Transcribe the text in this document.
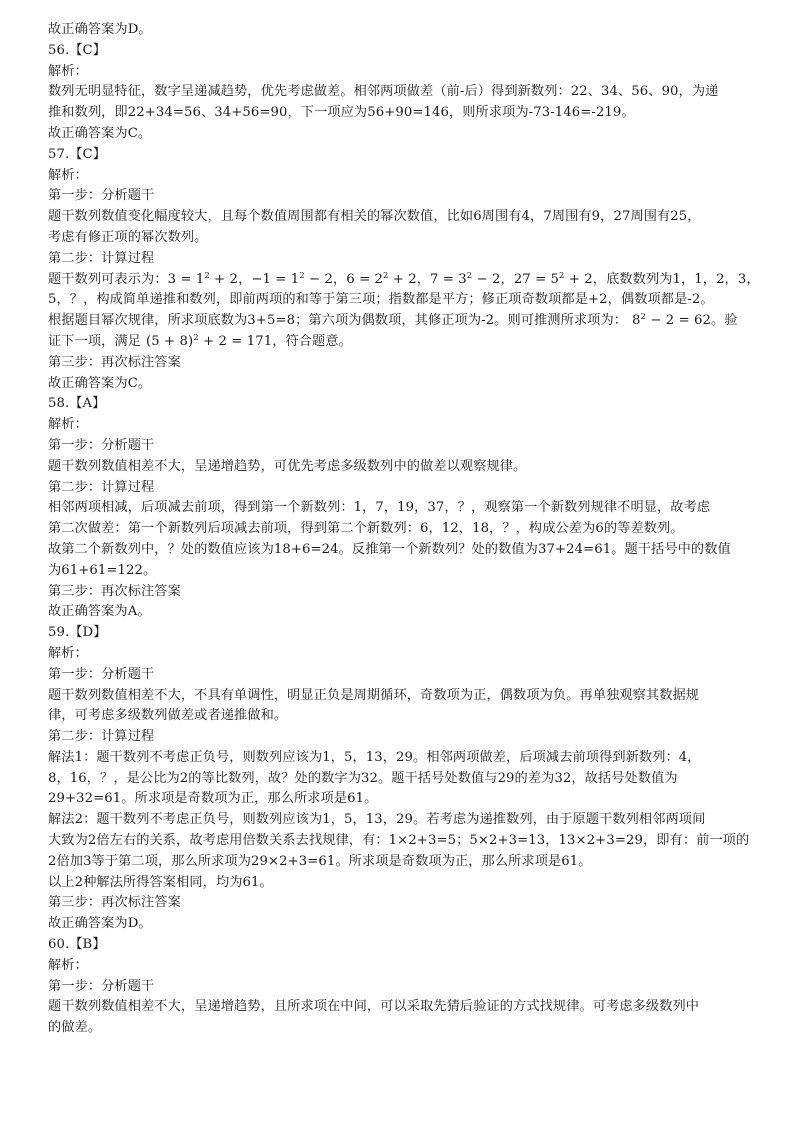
故正确答案为D。
56.【C】
解析：
数列无明显特征，数字呈递减趋势，优先考虑做差。相邻两项做差（前-后）得到新数列：22、34、56、90，为递
推和数列，即22+34=56、34+56=90，下一项应为56+90=146，则所求项为-73-146=-219。
故正确答案为C。
57.【C】
解析：
第一步：分析题干
题干数列数值变化幅度较大，且每个数值周围都有相关的幂次数值，比如6周围有4，7周围有9，27周围有25，
考虑有修正项的幂次数列。
第二步：计算过程
题干数列可表示为：$3 = 1^2 + 2$，$-1 = 1^2 - 2$，$6 = 2^2 + 2$，$7 = 3^2 - 2$，$27 = 5^2 + 2$，底数数列为1，1，2，3，
5，？，构成简单递推和数列，即前两项的和等于第三项；指数都是平方；修正项奇数项都是+2，偶数项都是-2。
根据题目幂次规律，所求项底数为3+5=8；第六项为偶数项，其修正项为-2。则可推测所求项为： $8^2 - 2 = 62$。验
证下一项，满足 $(5 + 8)^2 + 2 = 171$，符合题意。
第三步：再次标注答案
故正确答案为C。
58.【A】
解析：
第一步：分析题干
题干数列数值相差不大，呈递增趋势，可优先考虑多级数列中的做差以观察规律。
第二步：计算过程
相邻两项相减，后项减去前项，得到第一个新数列：1，7，19，37，？，观察第一个新数列规律不明显，故考虑
第二次做差：第一个新数列后项减去前项，得到第二个新数列：6，12，18，？，构成公差为6的等差数列。
故第二个新数列中，？处的数值应该为18+6=24。反推第一个新数列？处的数值为37+24=61。题干括号中的数值
为61+61=122。
第三步：再次标注答案
故正确答案为A。
59.【D】
解析：
第一步：分析题干
题干数列数值相差不大，不具有单调性，明显正负是周期循环，奇数项为正，偶数项为负。再单独观察其数据规
律，可考虑多级数列做差或者递推做和。
第二步：计算过程
解法1：题干数列不考虑正负号，则数列应该为1，5，13，29。相邻两项做差，后项减去前项得到新数列：4，
8，16，？，是公比为2的等比数列，故？处的数字为32。题干括号处数值与29的差为32，故括号处数值为
29+32=61。所求项是奇数项为正，那么所求项是61。
解法2：题干数列不考虑正负号，则数列应该为1，5，13，29。若考虑为递推数列，由于原题干数列相邻两项间
大致为2倍左右的关系，故考虑用倍数关系去找规律，有：1×2+3=5；5×2+3=13，13×2+3=29，即有：前一项的
2倍加3等于第二项，那么所求项为29×2+3=61。所求项是奇数项为正，那么所求项是61。
以上2种解法所得答案相同，均为61。
第三步：再次标注答案
故正确答案为D。
60.【B】
解析：
第一步：分析题干
题干数列数值相差不大，呈递增趋势，且所求项在中间，可以采取先猜后验证的方式找规律。可考虑多级数列中
的做差。
